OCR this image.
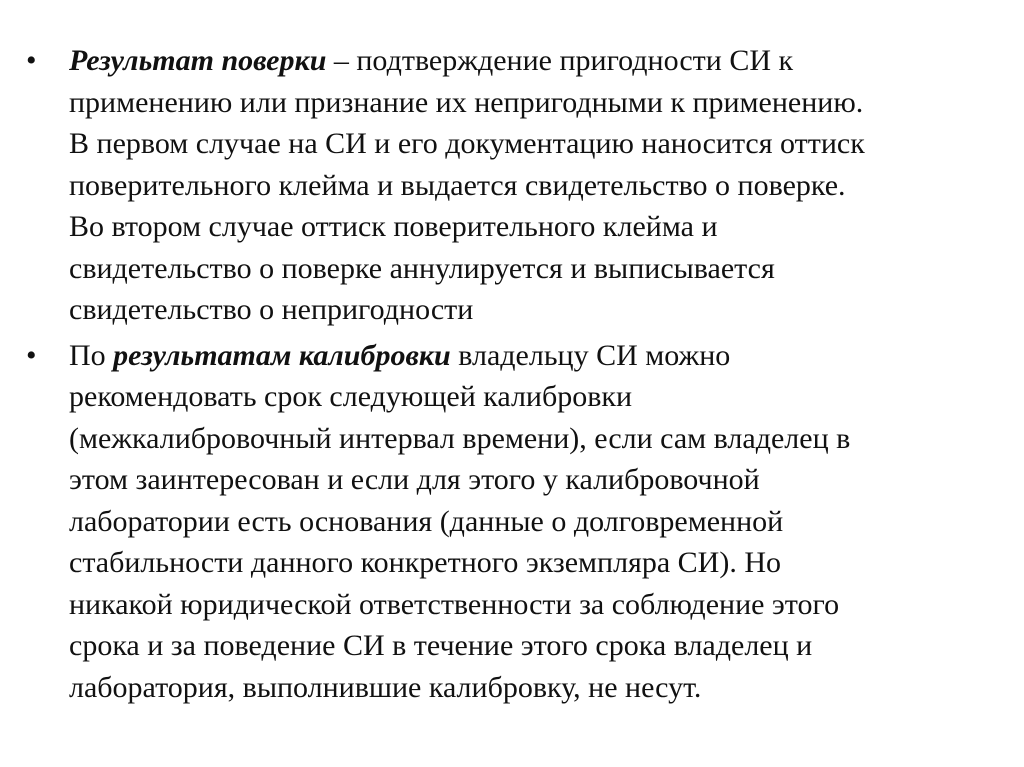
• Результат поверки – подтверждение пригодности СИ к
применению или признание их непригодными к применению.
В первом случае на СИ и его документацию наносится оттиск
поверительного клейма и выдается свидетельство о поверке.
Во втором случае оттиск поверительного клейма и
свидетельство о поверке аннулируется и выписывается
свидетельство о непригодности
• По результатам калибровки владельцу СИ можно
рекомендовать срок следующей калибровки
(межкалибровочный интервал времени), если сам владелец в
этом заинтересован и если для этого у калибровочной
лаборатории есть основания (данные о долговременной
стабильности данного конкретного экземпляра СИ). Но
никакой юридической ответственности за соблюдение этого
срока и за поведение СИ в течение этого срока владелец и
лаборатория, выполнившие калибровку, не несут.
